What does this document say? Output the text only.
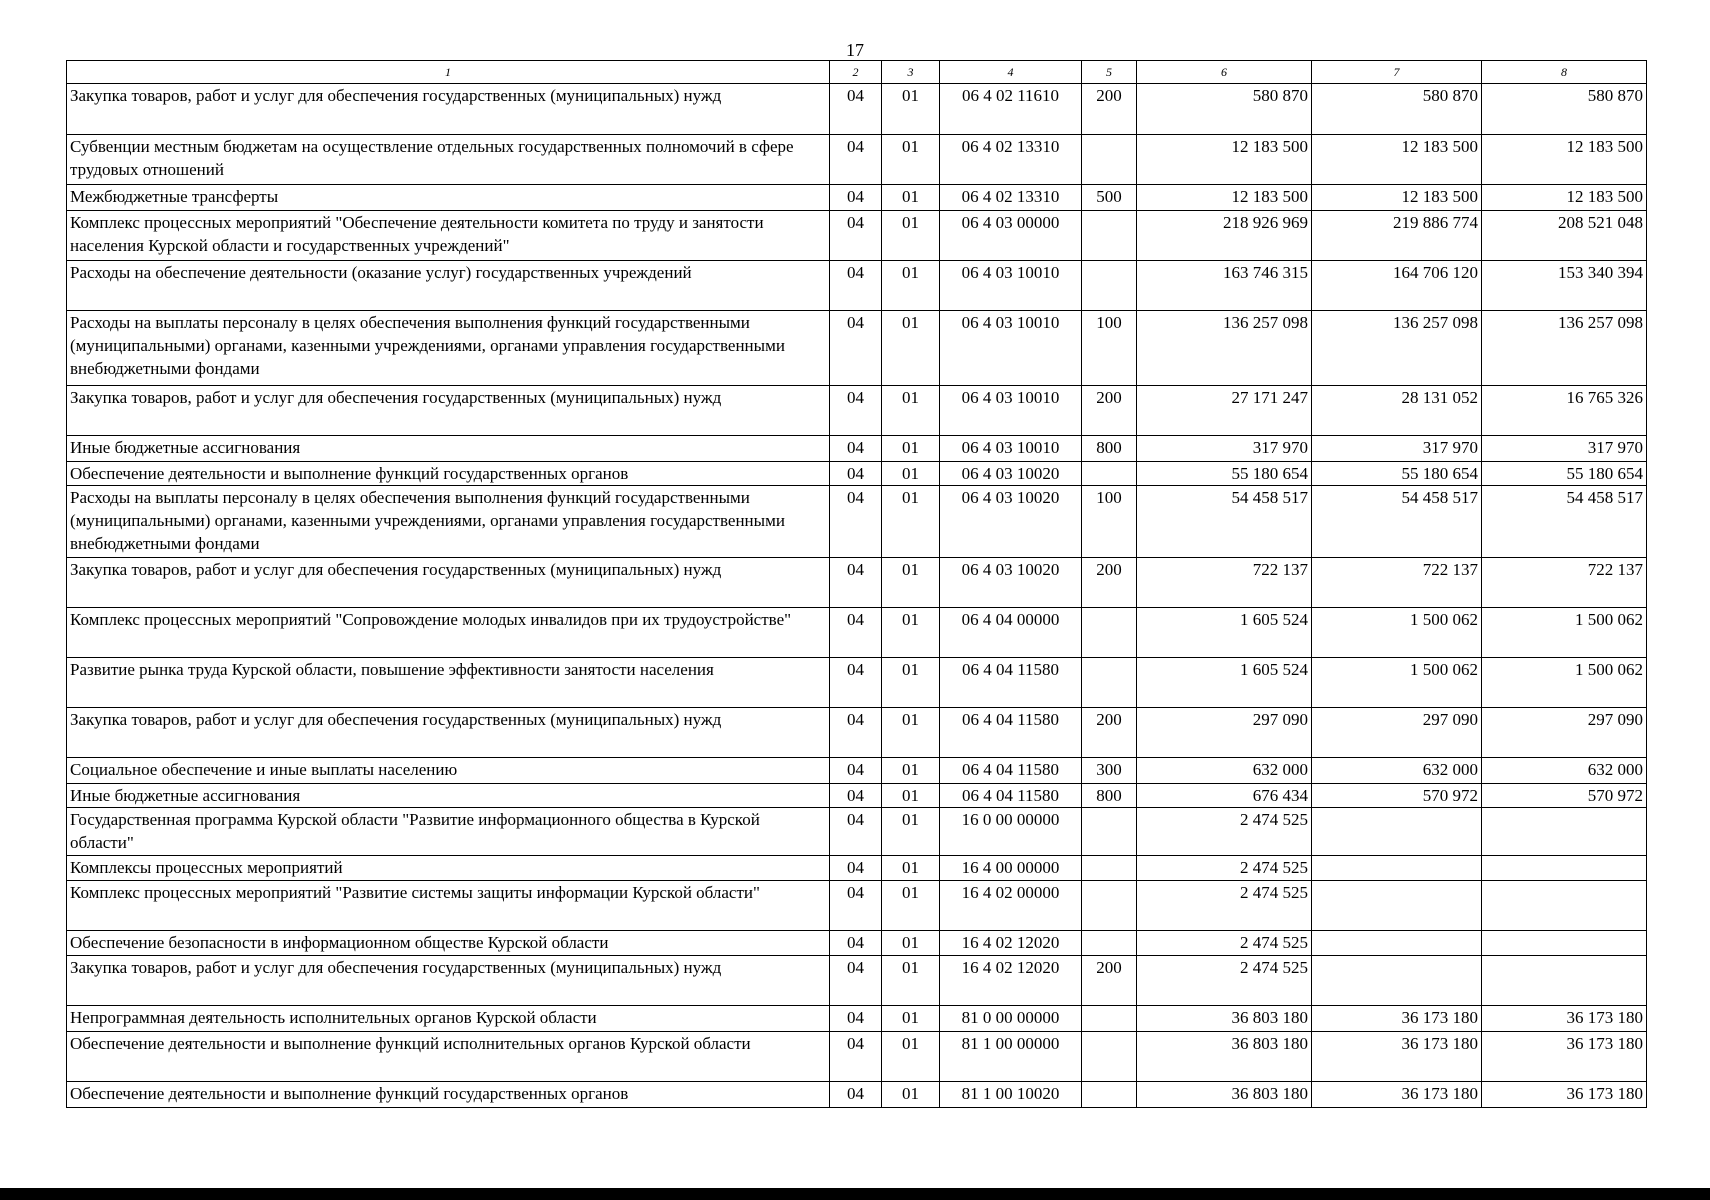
17
1	2	3	4	5	6	7	8
Закупка товаров, работ и услуг для обеспечения государственных (муниципальных) нужд	04	01	06 4 02 11610	200	580 870	580 870	580 870
Субвенции местным бюджетам на осуществление отдельных государственных полномочий в сфере трудовых отношений	04	01	06 4 02 13310		12 183 500	12 183 500	12 183 500
Межбюджетные трансферты	04	01	06 4 02 13310	500	12 183 500	12 183 500	12 183 500
Комплекс процессных мероприятий "Обеспечение деятельности комитета по труду и занятости населения Курской области и государственных учреждений"	04	01	06 4 03 00000		218 926 969	219 886 774	208 521 048
Расходы на обеспечение деятельности (оказание услуг) государственных учреждений	04	01	06 4 03 10010		163 746 315	164 706 120	153 340 394
Расходы на выплаты персоналу в целях обеспечения выполнения функций государственными (муниципальными) органами, казенными учреждениями, органами управления государственными внебюджетными фондами	04	01	06 4 03 10010	100	136 257 098	136 257 098	136 257 098
Закупка товаров, работ и услуг для обеспечения государственных (муниципальных) нужд	04	01	06 4 03 10010	200	27 171 247	28 131 052	16 765 326
Иные бюджетные ассигнования	04	01	06 4 03 10010	800	317 970	317 970	317 970
Обеспечение деятельности и выполнение функций государственных органов	04	01	06 4 03 10020		55 180 654	55 180 654	55 180 654
Расходы на выплаты персоналу в целях обеспечения выполнения функций государственными (муниципальными) органами, казенными учреждениями, органами управления государственными внебюджетными фондами	04	01	06 4 03 10020	100	54 458 517	54 458 517	54 458 517
Закупка товаров, работ и услуг для обеспечения государственных (муниципальных) нужд	04	01	06 4 03 10020	200	722 137	722 137	722 137
Комплекс процессных мероприятий "Сопровождение молодых инвалидов при их трудоустройстве"	04	01	06 4 04 00000		1 605 524	1 500 062	1 500 062
Развитие рынка труда Курской области, повышение эффективности занятости населения	04	01	06 4 04 11580		1 605 524	1 500 062	1 500 062
Закупка товаров, работ и услуг для обеспечения государственных (муниципальных) нужд	04	01	06 4 04 11580	200	297 090	297 090	297 090
Социальное обеспечение и иные выплаты населению	04	01	06 4 04 11580	300	632 000	632 000	632 000
Иные бюджетные ассигнования	04	01	06 4 04 11580	800	676 434	570 972	570 972
Государственная программа Курской области "Развитие информационного общества в Курской области"	04	01	16 0 00 00000		2 474 525		
Комплексы процессных мероприятий	04	01	16 4 00 00000		2 474 525		
Комплекс процессных мероприятий "Развитие системы защиты информации Курской области"	04	01	16 4 02 00000		2 474 525		
Обеспечение безопасности в информационном обществе Курской области	04	01	16 4 02 12020		2 474 525		
Закупка товаров, работ и услуг для обеспечения государственных (муниципальных) нужд	04	01	16 4 02 12020	200	2 474 525		
Непрограммная деятельность исполнительных органов Курской области	04	01	81 0 00 00000		36 803 180	36 173 180	36 173 180
Обеспечение деятельности и выполнение функций исполнительных органов Курской области	04	01	81 1 00 00000		36 803 180	36 173 180	36 173 180
Обеспечение деятельности и выполнение функций государственных органов	04	01	81 1 00 10020		36 803 180	36 173 180	36 173 180
